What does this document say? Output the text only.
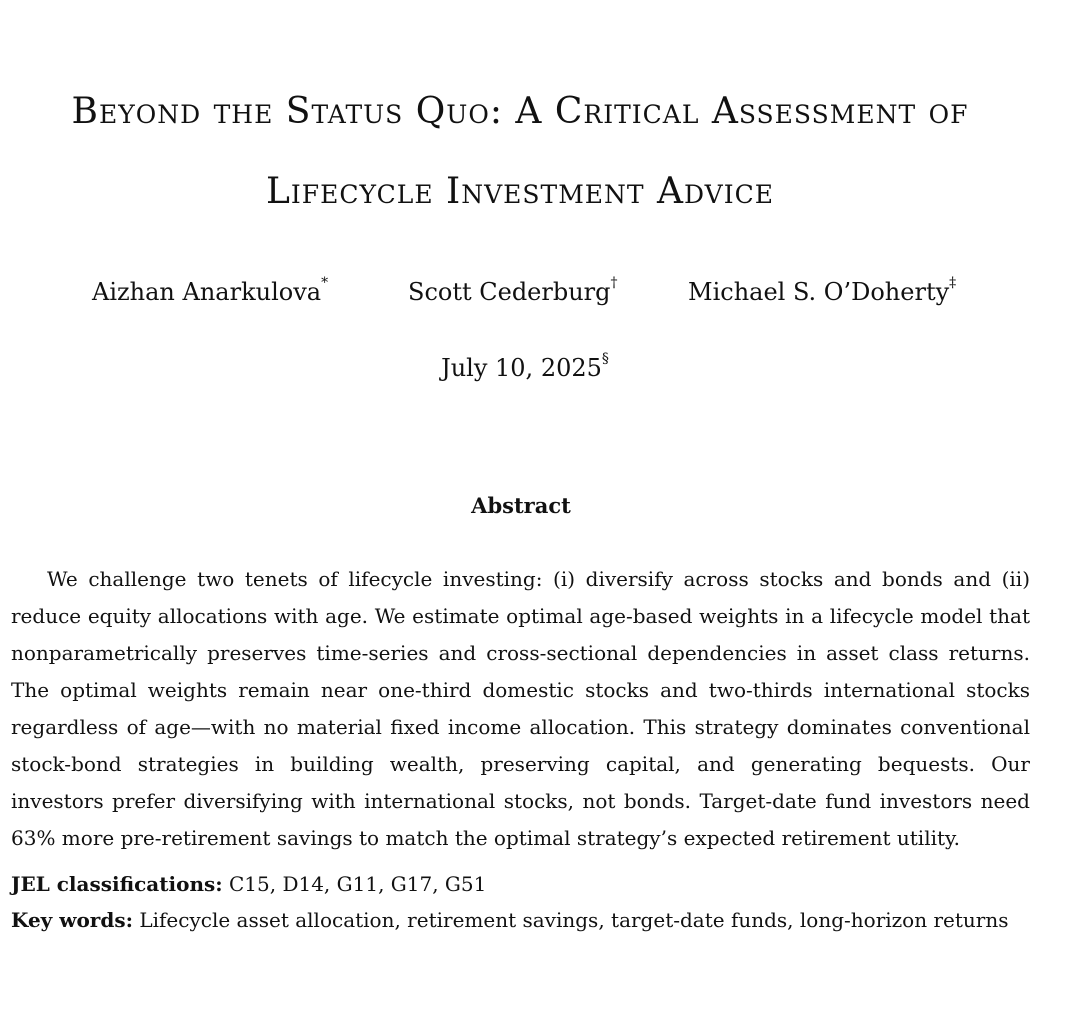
Beyond the Status Quo: A Critical Assessment of
Lifecycle Investment Advice
Aizhan Anarkulova*	Scott Cederburg†	Michael S. O’Doherty‡
July 10, 2025§
Abstract

We challenge two tenets of lifecycle investing: (i) diversify across stocks and bonds and (ii) reduce equity allocations with age. We estimate optimal age-based weights in a lifecycle model that nonparametrically preserves time-series and cross-sectional dependencies in asset class returns. The optimal weights remain near one-third domestic stocks and two-thirds international stocks regardless of age—with no material fixed income allocation. This strategy dominates conventional stock-bond strategies in building wealth, preserving capital, and generating bequests. Our investors prefer diversifying with international stocks, not bonds. Target-date fund investors need 63% more pre-retirement savings to match the optimal strategy’s expected retirement utility.

JEL classifications: C15, D14, G11, G17, G51
Key words: Lifecycle asset allocation, retirement savings, target-date funds, long-horizon returns
